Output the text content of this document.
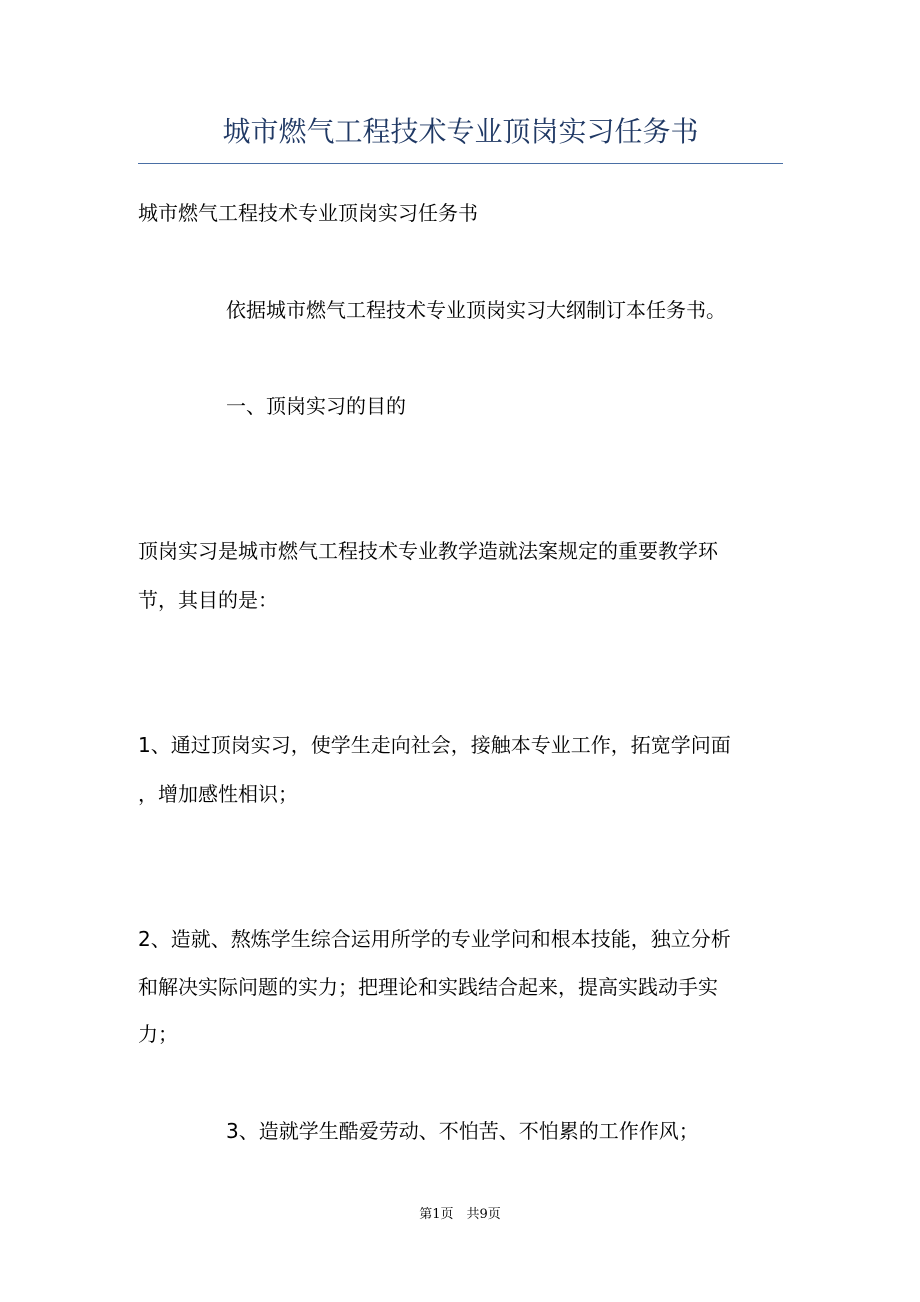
城市燃气工程技术专业顶岗实习任务书
城市燃气工程技术专业顶岗实习任务书
依据城市燃气工程技术专业顶岗实习大纲制订本任务书。
一、顶岗实习的目的
顶岗实习是城市燃气工程技术专业教学造就法案规定的重要教学环
节，其目的是：
1、通过顶岗实习，使学生走向社会，接触本专业工作，拓宽学问面
，增加感性相识；
2、造就、熬炼学生综合运用所学的专业学问和根本技能，独立分析
和解决实际问题的实力；把理论和实践结合起来，提高实践动手实
力；
3、造就学生酷爱劳动、不怕苦、不怕累的工作作风；
第1页　共9页
